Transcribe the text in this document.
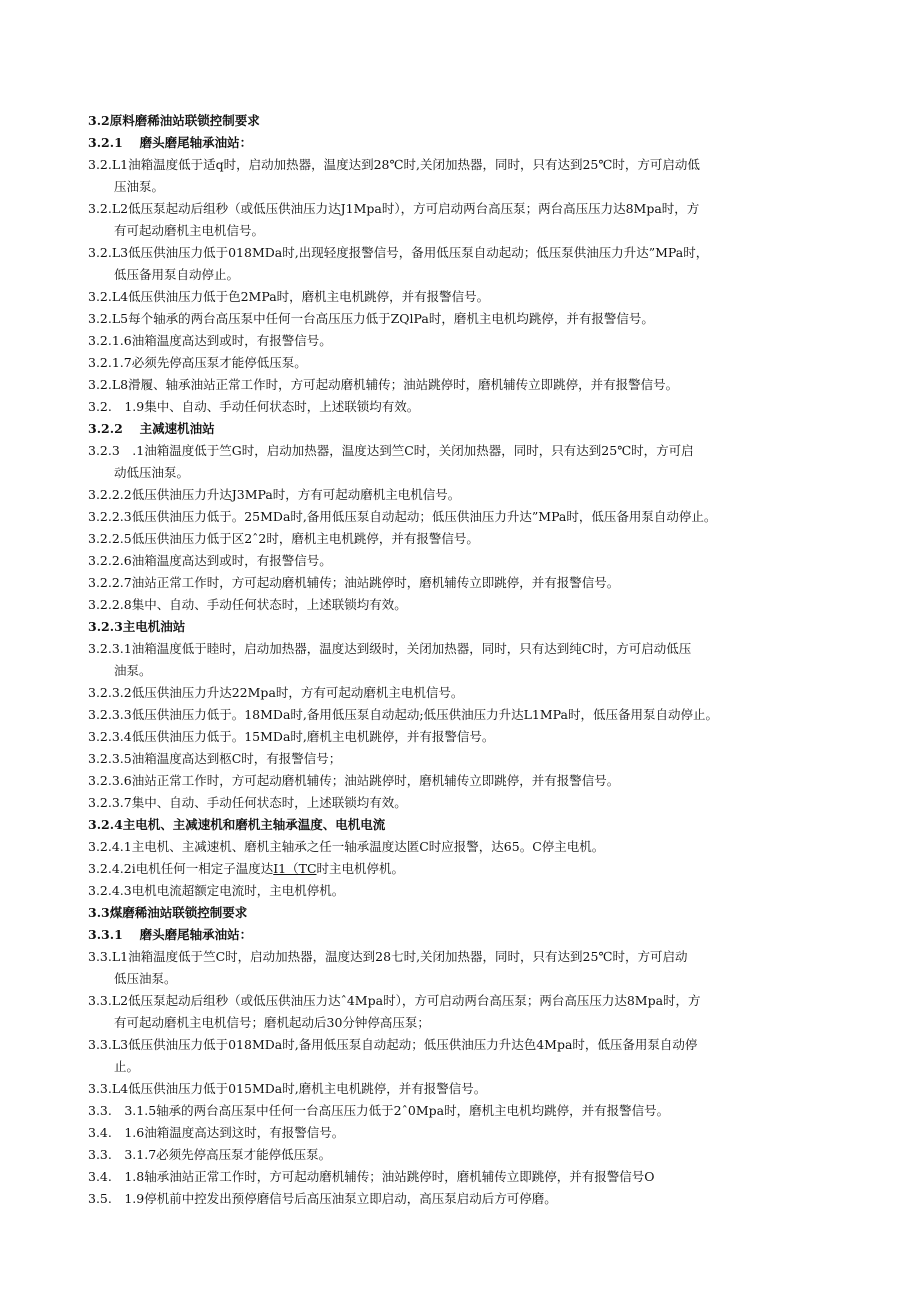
3.2原料磨稀油站联锁控制要求
3.2.1　 磨头磨尾轴承油站：
3.2.L1油箱温度低于适q时，启动加热器，温度达到28℃时,关闭加热器，同时，只有达到25℃时，方可启动低
压油泵。
3.2.L2低压泵起动后组秒（或低压供油压力达J1Mpa时），方可启动两台高压泵；两台高压压力达8Mpa时，方
有可起动磨机主电机信号。
3.2.L3低压供油压力低于018MDa时,出现轻度报警信号，备用低压泵自动起动；低压泵供油压力升达”MPa时，
低压备用泵自动停止。
3.2.L4低压供油压力低于色2MPa时，磨机主电机跳停，并有报警信号。
3.2.L5每个轴承的两台高压泵中任何一台高压压力低于ZQlPa时，磨机主电机均跳停，并有报警信号。
3.2.1.6油箱温度高达到或时，有报警信号。
3.2.1.7必须先停高压泵才能停低压泵。
3.2.L8滑履、轴承油站正常工作时，方可起动磨机辅传；油站跳停时，磨机辅传立即跳停，并有报警信号。
3.2.　1.9集中、自动、手动任何状态时，上述联锁均有效。
3.2.2　 主减速机油站
3.2.3　.1油箱温度低于竺G时，启动加热器，温度达到竺C时，关闭加热器，同时，只有达到25℃时，方可启
动低压油泵。
3.2.2.2低压供油压力升达J3MPa时，方有可起动磨机主电机信号。
3.2.2.3低压供油压力低于。25MDa时,备用低压泵自动起动；低压供油压力升达”MPa时，低压备用泵自动停止。
3.2.2.5低压供油压力低于区2ˆ2时，磨机主电机跳停，并有报警信号。
3.2.2.6油箱温度高达到或时，有报警信号。
3.2.2.7油站正常工作时，方可起动磨机辅传；油站跳停时，磨机辅传立即跳停，并有报警信号。
3.2.2.8集中、自动、手动任何状态时，上述联锁均有效。
3.2.3主电机油站
3.2.3.1油箱温度低于睦时，启动加热器，温度达到级时，关闭加热器，同时，只有达到纯C时，方可启动低压
油泵。
3.2.3.2低压供油压力升达22Mpa时，方有可起动磨机主电机信号。
3.2.3.3低压供油压力低于。18MDa时,备用低压泵自动起动;低压供油压力升达L1MPa时，低压备用泵自动停止。
3.2.3.4低压供油压力低于。15MDa时,磨机主电机跳停，并有报警信号。
3.2.3.5油箱温度高达到柩C时，有报警信号；
3.2.3.6油站正常工作时，方可起动磨机辅传；油站跳停时，磨机辅传立即跳停，并有报警信号。
3.2.3.7集中、自动、手动任何状态时，上述联锁均有效。
3.2.4主电机、主减速机和磨机主轴承温度、电机电流
3.2.4.1主电机、主减速机、磨机主轴承之任一轴承温度达匿C时应报警，达65。C停主电机。
3.2.4.2i电机任何一相定子温度达I1（TC时主电机停机。
3.2.4.3电机电流超额定电流时，主电机停机。
3.3煤磨稀油站联锁控制要求
3.3.1　 磨头磨尾轴承油站：
3.3.L1油箱温度低于竺C时，启动加热器，温度达到28七时,关闭加热器，同时，只有达到25℃时，方可启动
低压油泵。
3.3.L2低压泵起动后组秒（或低压供油压力达ˆ4Mpa时），方可启动两台高压泵；两台高压压力达8Mpa时，方
有可起动磨机主电机信号；磨机起动后30分钟停高压泵；
3.3.L3低压供油压力低于018MDa时,备用低压泵自动起动；低压供油压力升达色4Mpa时，低压备用泵自动停
止。
3.3.L4低压供油压力低于015MDa时,磨机主电机跳停，并有报警信号。
3.3.　3.1.5轴承的两台高压泵中任何一台高压压力低于2ˆ0Mpa时，磨机主电机均跳停，并有报警信号。
3.4.　1.6油箱温度高达到这时，有报警信号。
3.3.　3.1.7必须先停高压泵才能停低压泵。
3.4.　1.8轴承油站正常工作时，方可起动磨机辅传；油站跳停时，磨机辅传立即跳停，并有报警信号O
3.5.　1.9停机前中控发出预停磨信号后高压油泵立即启动，高压泵启动后方可停磨。
